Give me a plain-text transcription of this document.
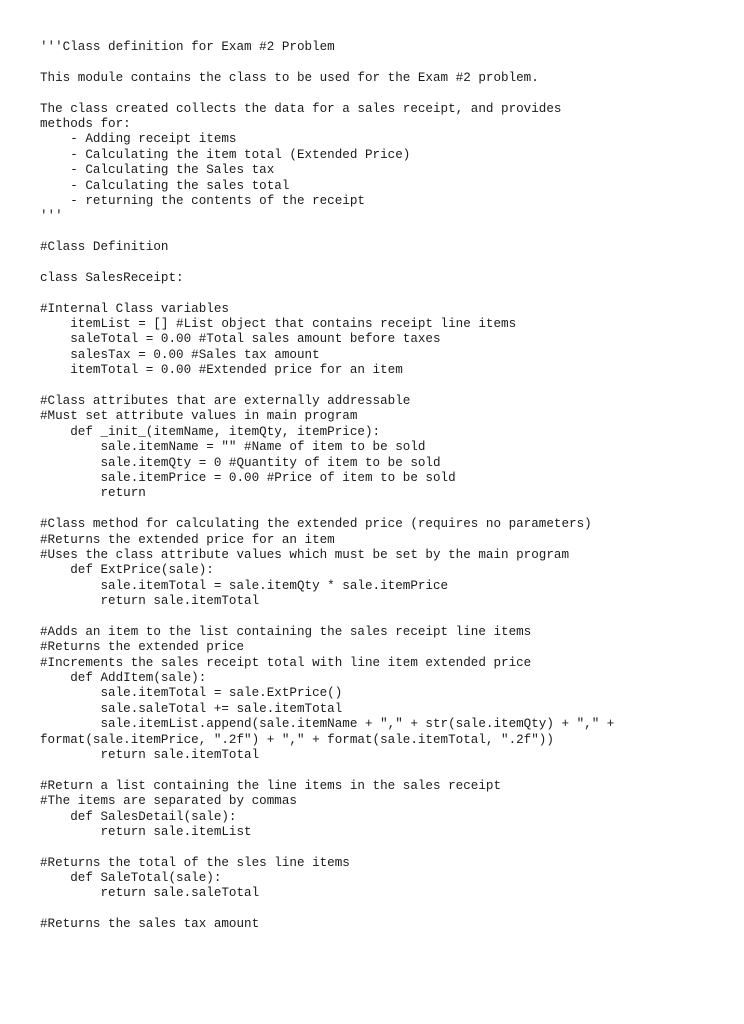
'''Class definition for Exam #2 Problem
This module contains the class to be used for the Exam #2 problem.
The class created collects the data for a sales receipt, and provides
methods for:
- Adding receipt items
- Calculating the item total (Extended Price)
- Calculating the Sales tax
- Calculating the sales total
- returning the contents of the receipt
'''
#Class Definition
class SalesReceipt:
#Internal Class variables
itemList = [] #List object that contains receipt line items
saleTotal = 0.00 #Total sales amount before taxes
salesTax = 0.00 #Sales tax amount
itemTotal = 0.00 #Extended price for an item
#Class attributes that are externally addressable
#Must set attribute values in main program
def _init_(itemName, itemQty, itemPrice):
sale.itemName = "" #Name of item to be sold
sale.itemQty = 0 #Quantity of item to be sold
sale.itemPrice = 0.00 #Price of item to be sold
return
#Class method for calculating the extended price (requires no parameters)
#Returns the extended price for an item
#Uses the class attribute values which must be set by the main program
def ExtPrice(sale):
sale.itemTotal = sale.itemQty * sale.itemPrice
return sale.itemTotal
#Adds an item to the list containing the sales receipt line items
#Returns the extended price
#Increments the sales receipt total with line item extended price
def AddItem(sale):
sale.itemTotal = sale.ExtPrice()
sale.saleTotal += sale.itemTotal
sale.itemList.append(sale.itemName + "," + str(sale.itemQty) + "," +
format(sale.itemPrice, ".2f") + "," + format(sale.itemTotal, ".2f"))
return sale.itemTotal
#Return a list containing the line items in the sales receipt
#The items are separated by commas
def SalesDetail(sale):
return sale.itemList
#Returns the total of the sles line items
def SaleTotal(sale):
return sale.saleTotal
#Returns the sales tax amount
